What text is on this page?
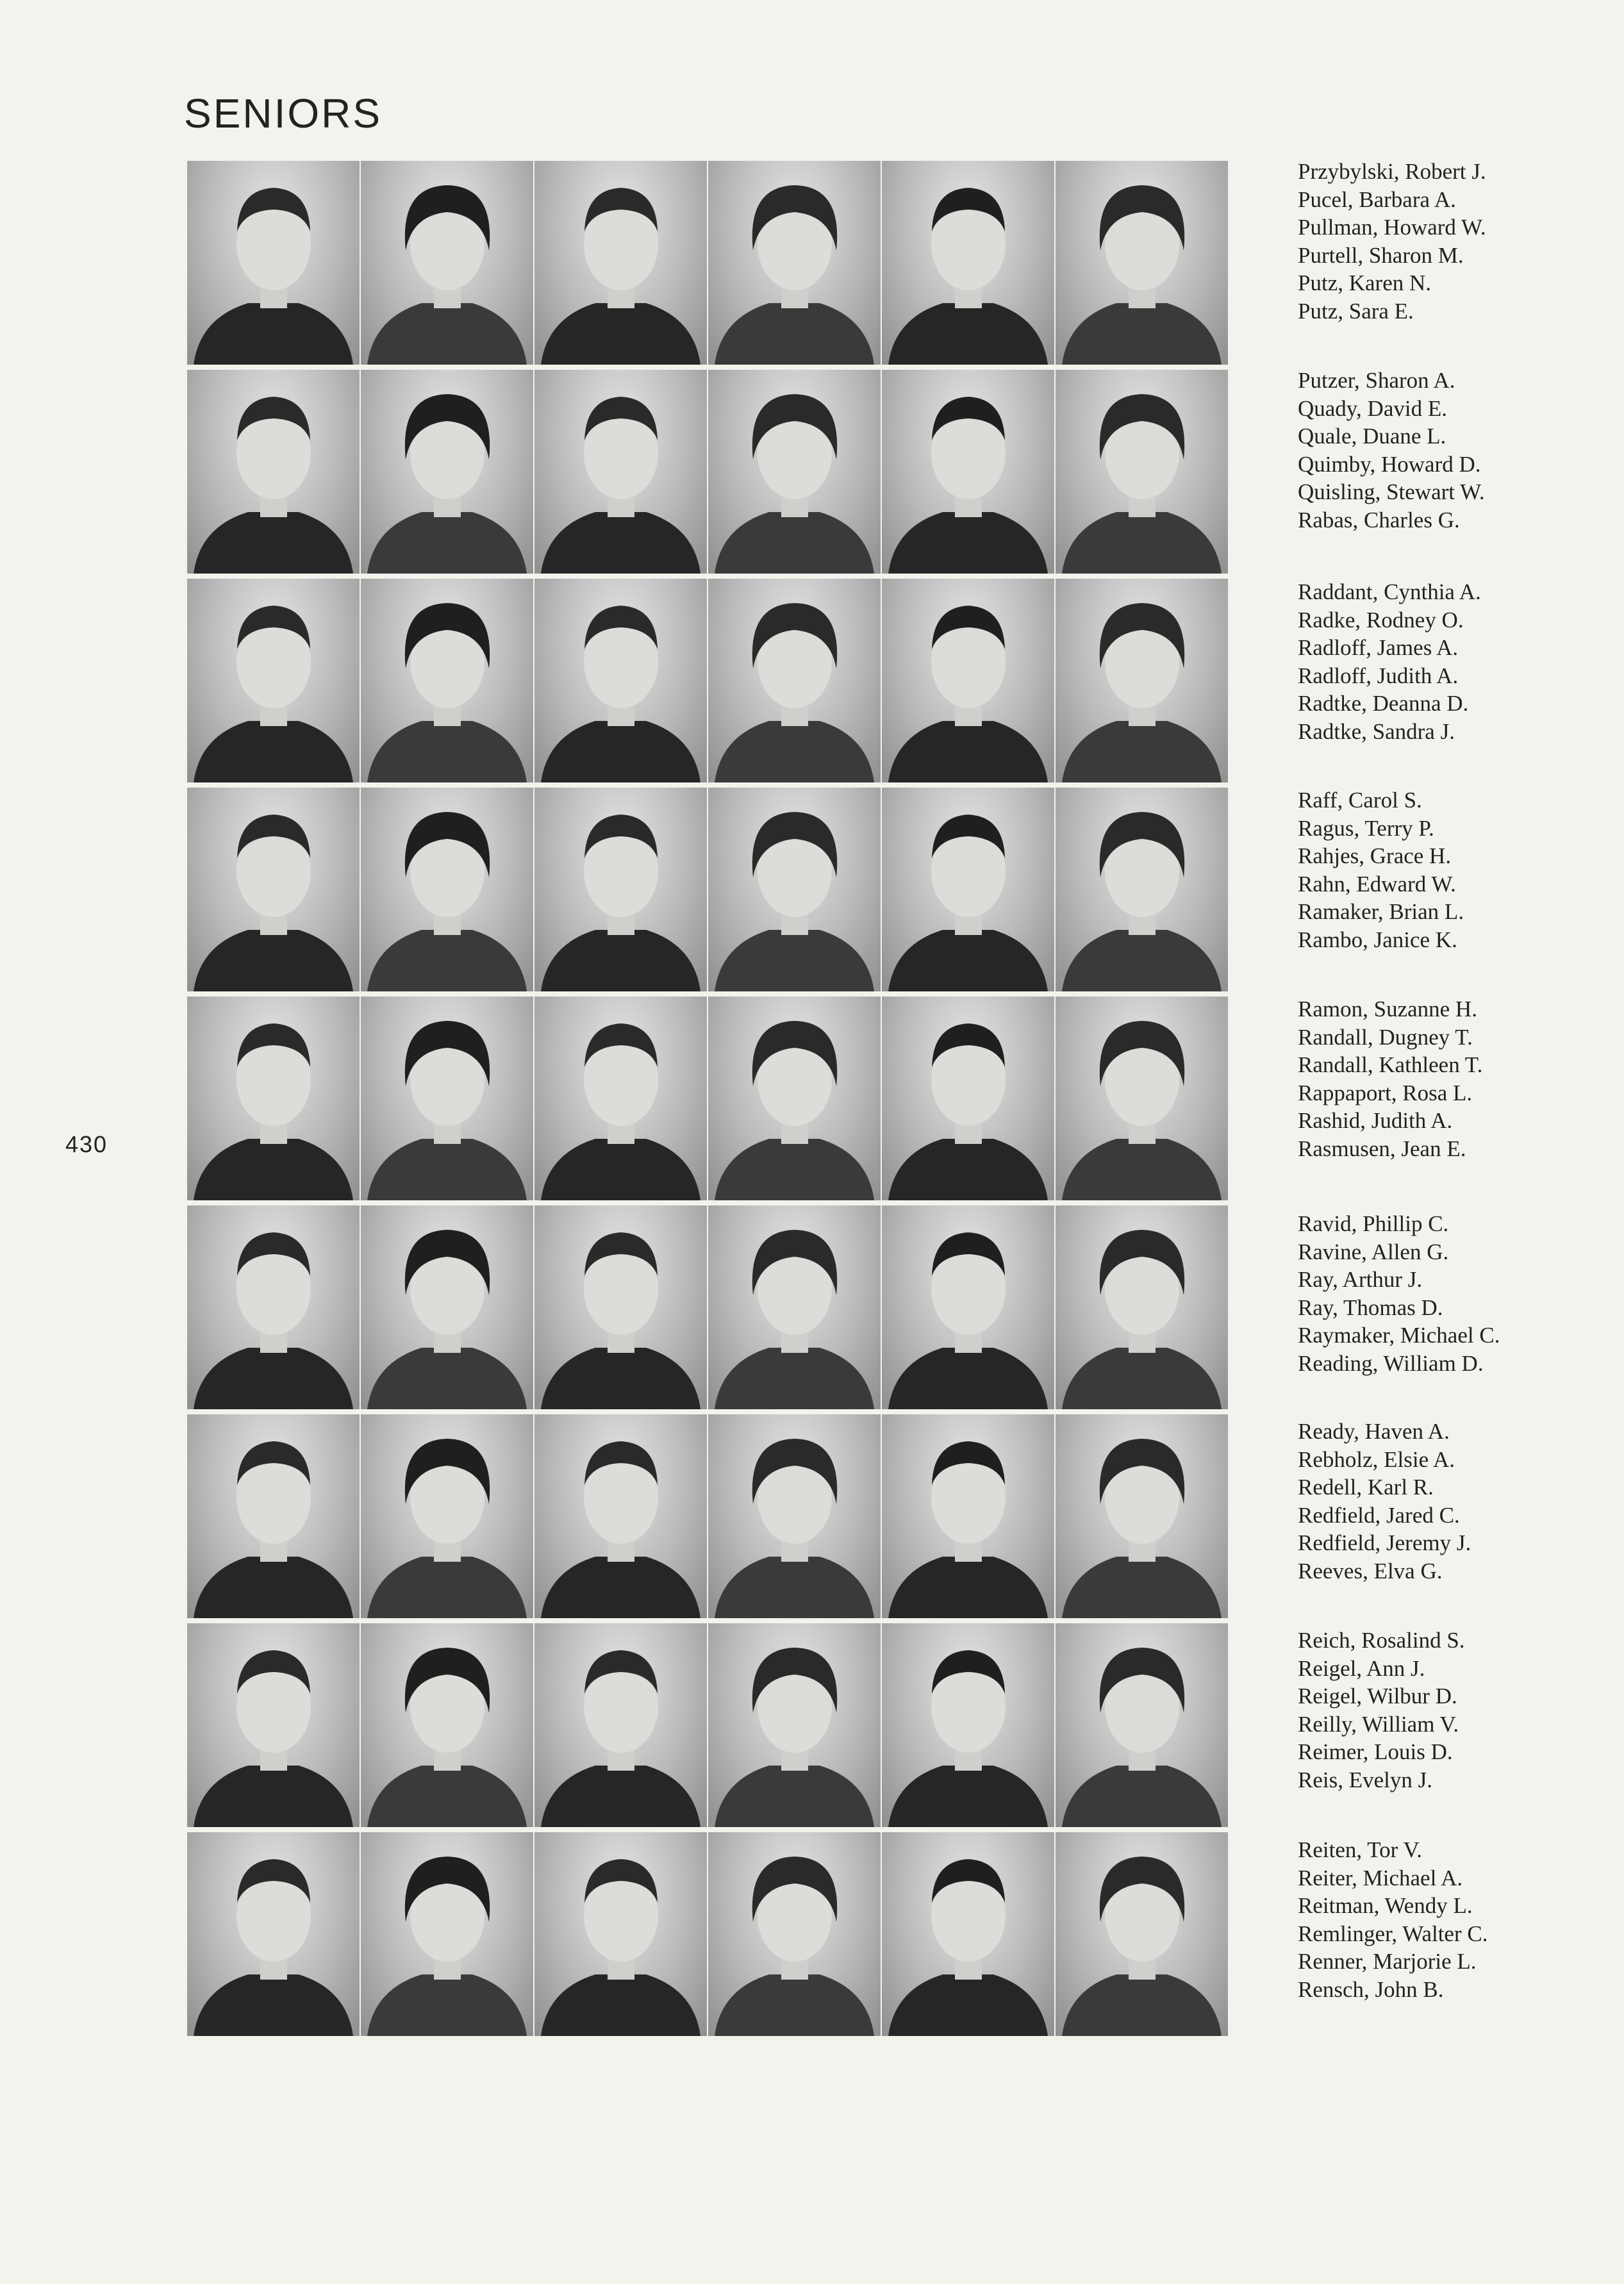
SENIORS
430
Przybylski, Robert J.
Pucel, Barbara A.
Pullman, Howard W.
Purtell, Sharon M.
Putz, Karen N.
Putz, Sara E.
Putzer, Sharon A.
Quady, David E.
Quale, Duane L.
Quimby, Howard D.
Quisling, Stewart W.
Rabas, Charles G.
Raddant, Cynthia A.
Radke, Rodney O.
Radloff, James A.
Radloff, Judith A.
Radtke, Deanna D.
Radtke, Sandra J.
Raff, Carol S.
Ragus, Terry P.
Rahjes, Grace H.
Rahn, Edward W.
Ramaker, Brian L.
Rambo, Janice K.
Ramon, Suzanne H.
Randall, Dugney T.
Randall, Kathleen T.
Rappaport, Rosa L.
Rashid, Judith A.
Rasmusen, Jean E.
Ravid, Phillip C.
Ravine, Allen G.
Ray, Arthur J.
Ray, Thomas D.
Raymaker, Michael C.
Reading, William D.
Ready, Haven A.
Rebholz, Elsie A.
Redell, Karl R.
Redfield, Jared C.
Redfield, Jeremy J.
Reeves, Elva G.
Reich, Rosalind S.
Reigel, Ann J.
Reigel, Wilbur D.
Reilly, William V.
Reimer, Louis D.
Reis, Evelyn J.
Reiten, Tor V.
Reiter, Michael A.
Reitman, Wendy L.
Remlinger, Walter C.
Renner, Marjorie L.
Rensch, John B.
